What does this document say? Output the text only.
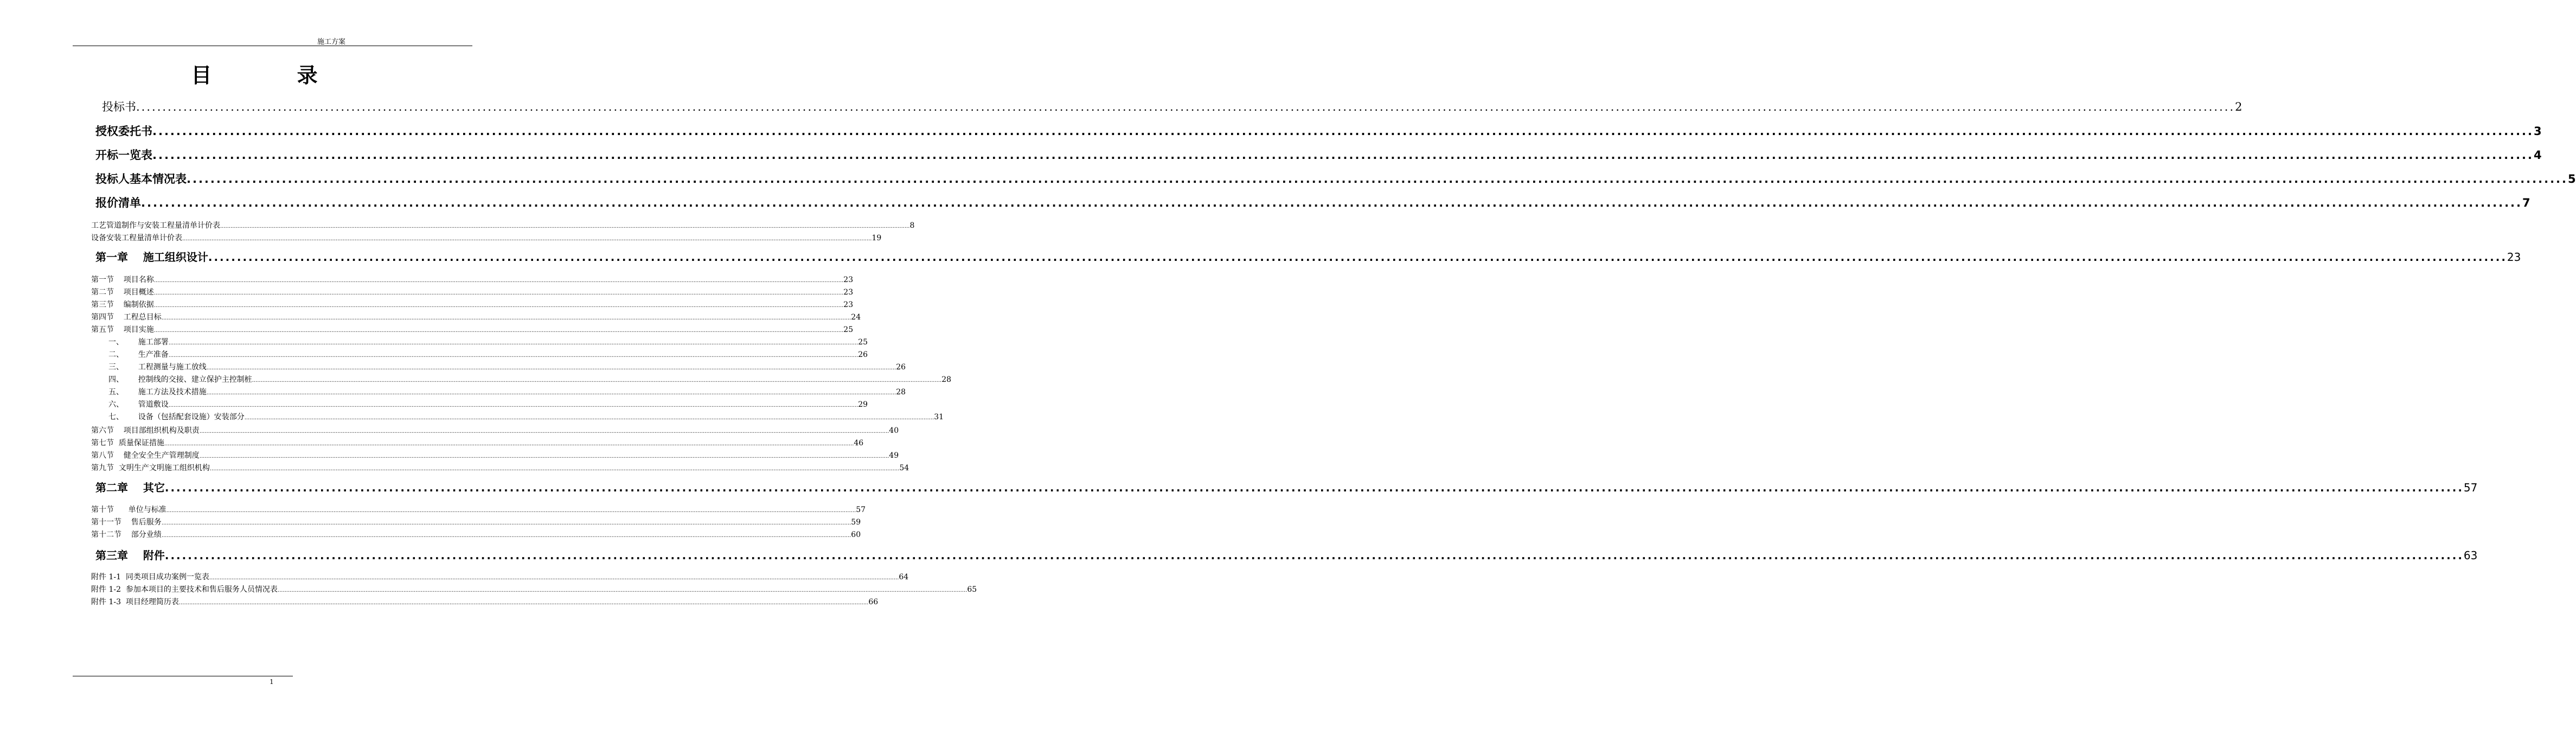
施工方案
目 录
投标书 ................................................................................................................................................................................................................................................................................................................................................................................................................ 2
授权委托书 ................................................................................................................................................................................................................................................................................................................................................................................................................ 3
开标一览表 ................................................................................................................................................................................................................................................................................................................................................................................................................ 4
投标人基本情况表 ................................................................................................................................................................................................................................................................................................................................................................................................................ 5
报价清单 ................................................................................................................................................................................................................................................................................................................................................................................................................ 7
工艺管道制作与安装工程量清单计价表 ................................................................................................................................................................................................................................................................................................................................................................................................................ 8
设备安装工程量清单计价表 ................................................................................................................................................................................................................................................................................................................................................................................................................ 19
第一章    施工组织设计 ................................................................................................................................................................................................................................................................................................................................................................................................................ 23
第一节    项目名称 ................................................................................................................................................................................................................................................................................................................................................................................................................ 23
第二节    项目概述 ................................................................................................................................................................................................................................................................................................................................................................................................................ 23
第三节    编制依据 ................................................................................................................................................................................................................................................................................................................................................................................................................ 23
第四节    工程总目标 ................................................................................................................................................................................................................................................................................................................................................................................................................ 24
第五节    项目实施 ................................................................................................................................................................................................................................................................................................................................................................................................................ 25
一、      施工部署 ................................................................................................................................................................................................................................................................................................................................................................................................................ 25
二、      生产准备 ................................................................................................................................................................................................................................................................................................................................................................................................................ 26
三、      工程测量与施工放线 ................................................................................................................................................................................................................................................................................................................................................................................................................ 26
四、      控制线的交接、建立保护主控制桩 ................................................................................................................................................................................................................................................................................................................................................................................................................ 28
五、      施工方法及技术措施 ................................................................................................................................................................................................................................................................................................................................................................................................................ 28
六、      管道敷设 ................................................................................................................................................................................................................................................................................................................................................................................................................ 29
七、      设备（包括配套设施）安装部分 ................................................................................................................................................................................................................................................................................................................................................................................................................ 31
第六节    项目部组织机构及职责 ................................................................................................................................................................................................................................................................................................................................................................................................................ 40
第七节  质量保证措施 ................................................................................................................................................................................................................................................................................................................................................................................................................ 46
第八节    健全安全生产管理制度 ................................................................................................................................................................................................................................................................................................................................................................................................................ 49
第九节  文明生产文明施工组织机构 ................................................................................................................................................................................................................................................................................................................................................................................................................ 54
第二章    其它 ................................................................................................................................................................................................................................................................................................................................................................................................................ 57
第十节      单位与标准 ................................................................................................................................................................................................................................................................................................................................................................................................................ 57
第十一节    售后服务 ................................................................................................................................................................................................................................................................................................................................................................................................................ 59
第十二节    部分业绩 ................................................................................................................................................................................................................................................................................................................................................................................................................ 60
第三章    附件 ................................................................................................................................................................................................................................................................................................................................................................................................................ 63
附件 1-1  同类项目成功案例一览表 ................................................................................................................................................................................................................................................................................................................................................................................................................ 64
附件 1-2  参加本项目的主要技术和售后服务人员情况表 ................................................................................................................................................................................................................................................................................................................................................................................................................ 65
附件 1-3  项目经理简历表 ................................................................................................................................................................................................................................................................................................................................................................................................................ 66
1
